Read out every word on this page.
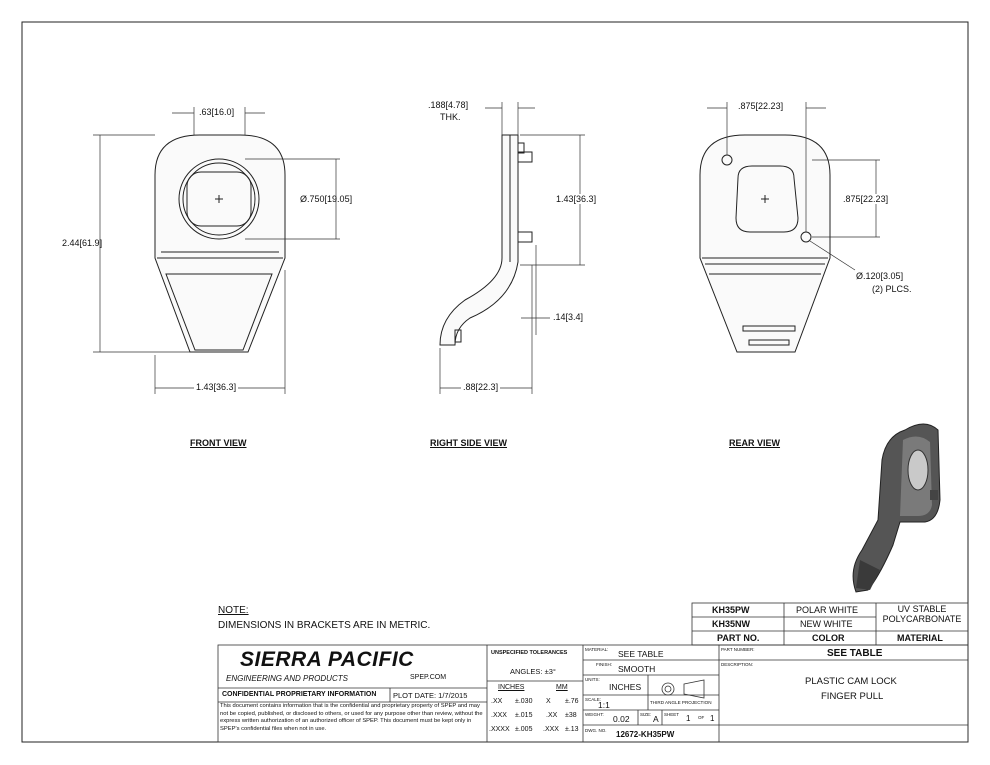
.63[16.0]
Ø.750[19.05]
2.44[61.9]
1.43[36.3]
FRONT VIEW
.188[4.78]
THK.
1.43[36.3]
.14[3.4]
.88[22.3]
RIGHT SIDE VIEW
.875[22.23]
.875[22.23]
Ø.120[3.05]
(2) PLCS.
REAR VIEW
NOTE:
DIMENSIONS IN BRACKETS ARE IN METRIC.
KH35PW	POLAR WHITE
KH35NW	NEW WHITE
UV STABLE POLYCARBONATE
PART NO.	COLOR	MATERIAL
SIERRA PACIFIC
ENGINEERING AND PRODUCTS	SPEP.COM
CONFIDENTIAL PROPRIETARY INFORMATION PLOT DATE: 1/7/2015
This document contains information that is the confidential and proprietary property of SPEP and may not be copied, published, or disclosed to others, or used for any purpose other than review, without the express written authorization of an authorized officer of SPEP. This document must be kept only in SPEP's confidential files when not in use.
UNSPECIFIED TOLERANCES
ANGLES: ±3°
INCHES	MM
.XX ±.030 X ±.76
.XXX ±.015 .XX ±38
.XXXX ±.005 .XXX ±.13
MATERIAL: SEE TABLE
FINISH: SMOOTH
UNITS:
INCHES
THIRD ANGLE PROJECTION
SCALE:
1:1
WEIGHT: 0.02 SIZE: A SHEET 1 OF 1
DWG. NO. 12672-KH35PW
PART NUMBER:	SEE TABLE
DESCRIPTION:
PLASTIC CAM LOCK
FINGER PULL
